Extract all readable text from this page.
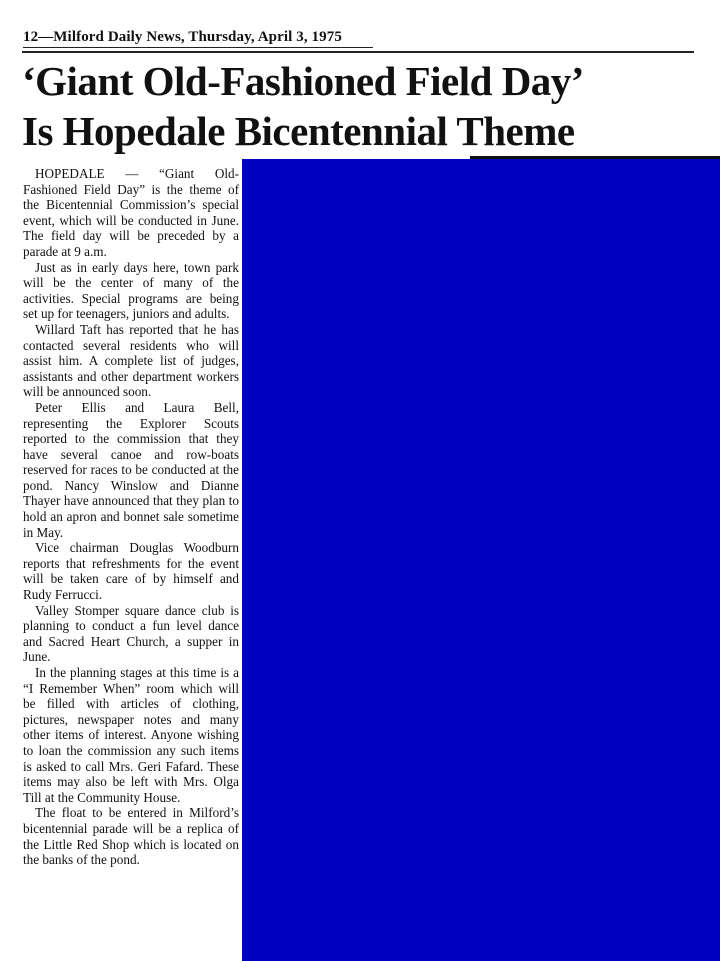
12—Milford Daily News, Thursday, April 3, 1975
‘Giant Old-Fashioned Field Day’
Is Hopedale Bicentennial Theme

HOPEDALE — “Giant Old-Fashioned Field Day” is the theme of the Bicentennial Commission’s special event, which will be conducted in June. The field day will be preceded by a parade at 9 a.m.

Just as in early days here, town park will be the center of many of the activities. Special programs are being set up for teenagers, juniors and adults.

Willard Taft has reported that he has contacted several residents who will assist him. A complete list of judges, assistants and other department workers will be announced soon.

Peter Ellis and Laura Bell, representing the Explorer Scouts reported to the commission that they have several canoe and row-boats reserved for races to be conducted at the pond. Nancy Winslow and Dianne Thayer have announced that they plan to hold an apron and bonnet sale sometime in May.

Vice chairman Douglas Woodburn reports that refreshments for the event will be taken care of by himself and Rudy Ferrucci.

Valley Stomper square dance club is planning to conduct a fun level dance and Sacred Heart Church, a supper in June.

In the planning stages at this time is a “I Remember When” room which will be filled with articles of clothing, pictures, newspaper notes and many other items of interest. Anyone wishing to loan the commission any such items is asked to call Mrs. Geri Fafard. These items may also be left with Mrs. Olga Till at the Community House.

The float to be entered in Milford’s bicentennial parade will be a replica of the Little Red Shop which is located on the banks of the pond.
